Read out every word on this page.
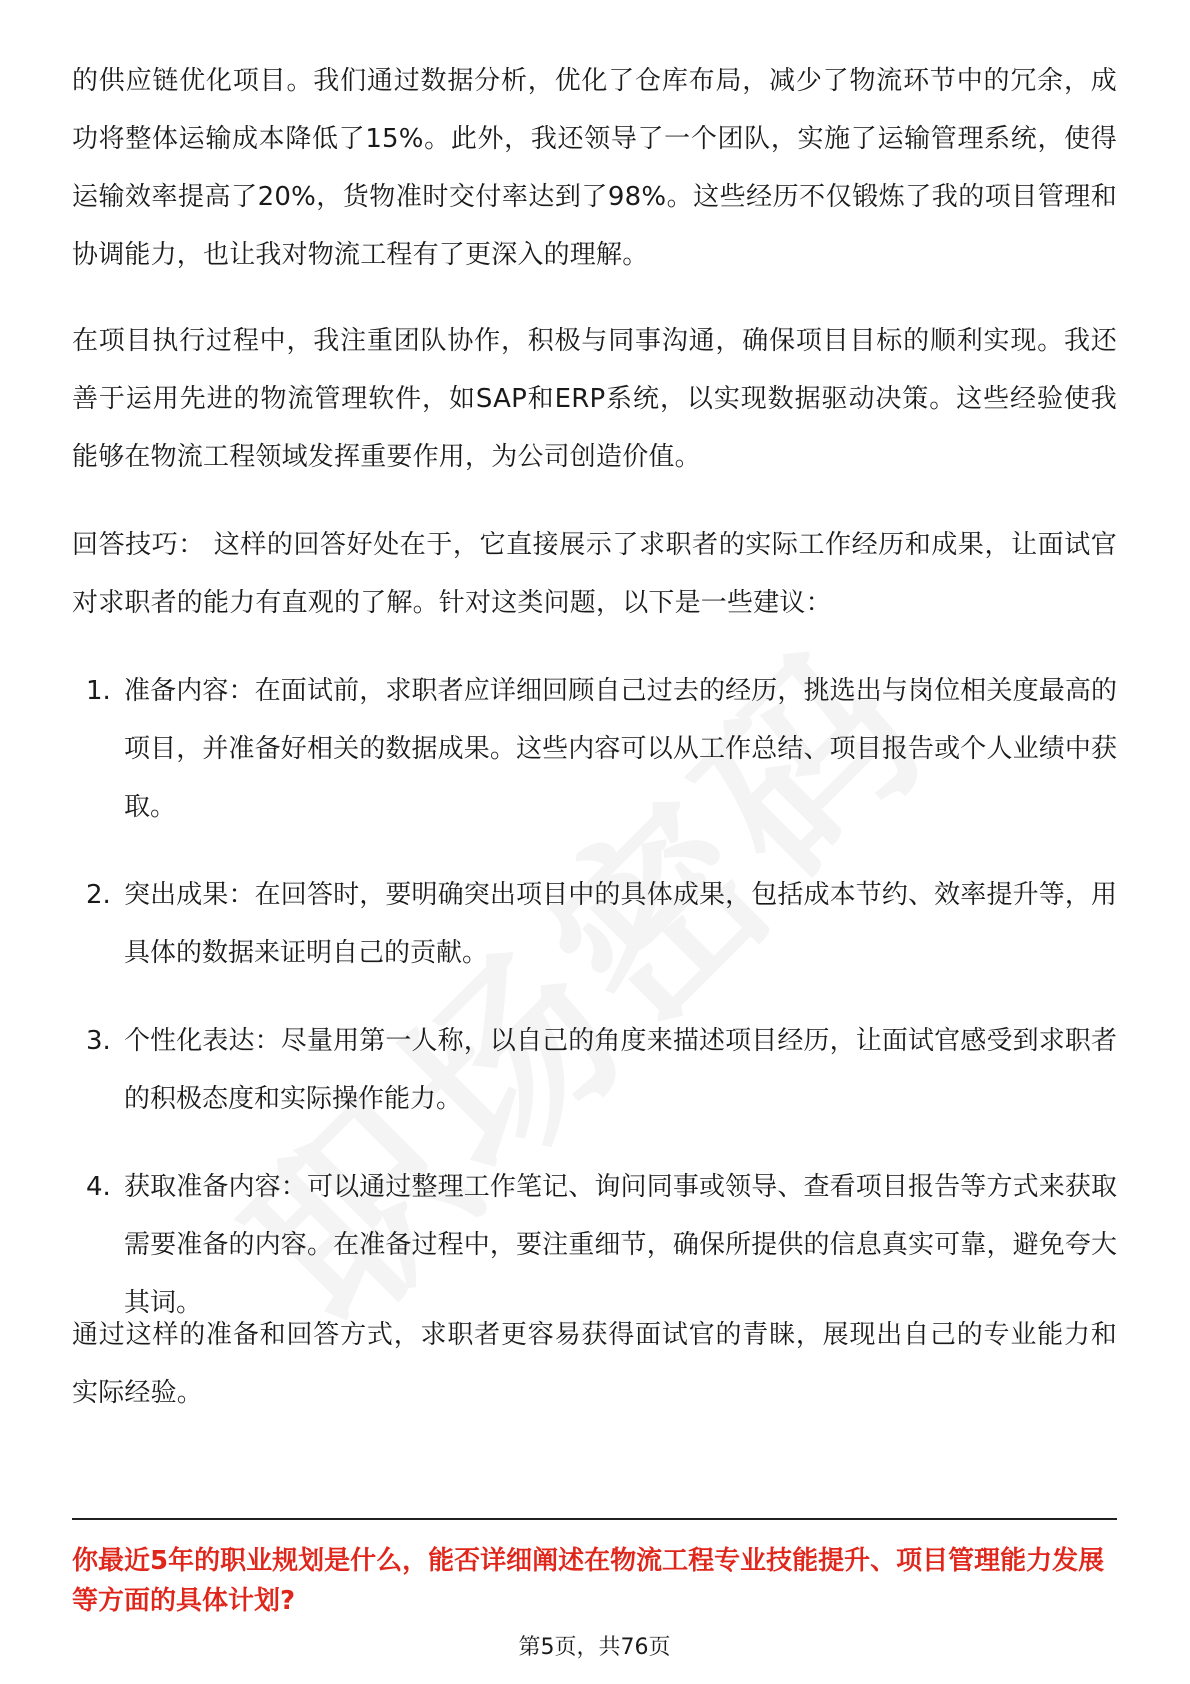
的供应链优化项目。我们通过数据分析，优化了仓库布局，减少了物流环节中的冗余，成功将整体运输成本降低了15%。此外，我还领导了一个团队，实施了运输管理系统，使得运输效率提高了20%，货物准时交付率达到了98%。这些经历不仅锻炼了我的项目管理和协调能力，也让我对物流工程有了更深入的理解。

在项目执行过程中，我注重团队协作，积极与同事沟通，确保项目目标的顺利实现。我还善于运用先进的物流管理软件，如SAP和ERP系统，以实现数据驱动决策。这些经验使我能够在物流工程领域发挥重要作用，为公司创造价值。

回答技巧： 这样的回答好处在于，它直接展示了求职者的实际工作经历和成果，让面试官对求职者的能力有直观的了解。针对这类问题，以下是一些建议：

1. 准备内容：在面试前，求职者应详细回顾自己过去的经历，挑选出与岗位相关度最高的项目，并准备好相关的数据成果。这些内容可以从工作总结、项目报告或个人业绩中获取。
2. 突出成果：在回答时，要明确突出项目中的具体成果，包括成本节约、效率提升等，用具体的数据来证明自己的贡献。
3. 个性化表达：尽量用第一人称，以自己的角度来描述项目经历，让面试官感受到求职者的积极态度和实际操作能力。
4. 获取准备内容：可以通过整理工作笔记、询问同事或领导、查看项目报告等方式来获取需要准备的内容。在准备过程中，要注重细节，确保所提供的信息真实可靠，避免夸大其词。

通过这样的准备和回答方式，求职者更容易获得面试官的青睐，展现出自己的专业能力和实际经验。

你最近5年的职业规划是什么，能否详细阐述在物流工程专业技能提升、项目管理能力发展等方面的具体计划?

第5页，共76页
